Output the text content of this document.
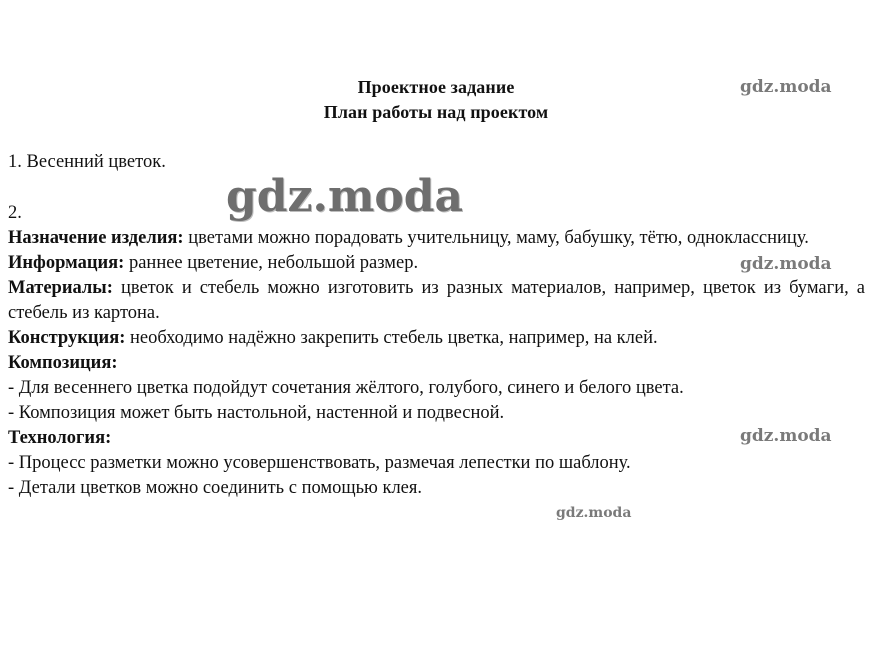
Проектное задание
План работы над проектом

1. Весенний цветок.

2.

Назначение изделия: цветами можно порадовать учительницу, маму, бабушку, тётю, одноклассницу.

Информация: раннее цветение, небольшой размер.

Материалы: цветок и стебель можно изготовить из разных материалов, например, цветок из бумаги, а стебель из картона.

Конструкция: необходимо надёжно закрепить стебель цветка, например, на клей.

Композиция:

- Для весеннего цветка подойдут сочетания жёлтого, голубого, синего и белого цвета.

- Композиция может быть настольной, настенной и подвесной.

Технология:

- Процесс разметки можно усовершенствовать, размечая лепестки по шаблону.

- Детали цветков можно соединить с помощью клея.

gdz.moda
gdz.moda
gdz.moda
gdz.moda
gdz.moda
